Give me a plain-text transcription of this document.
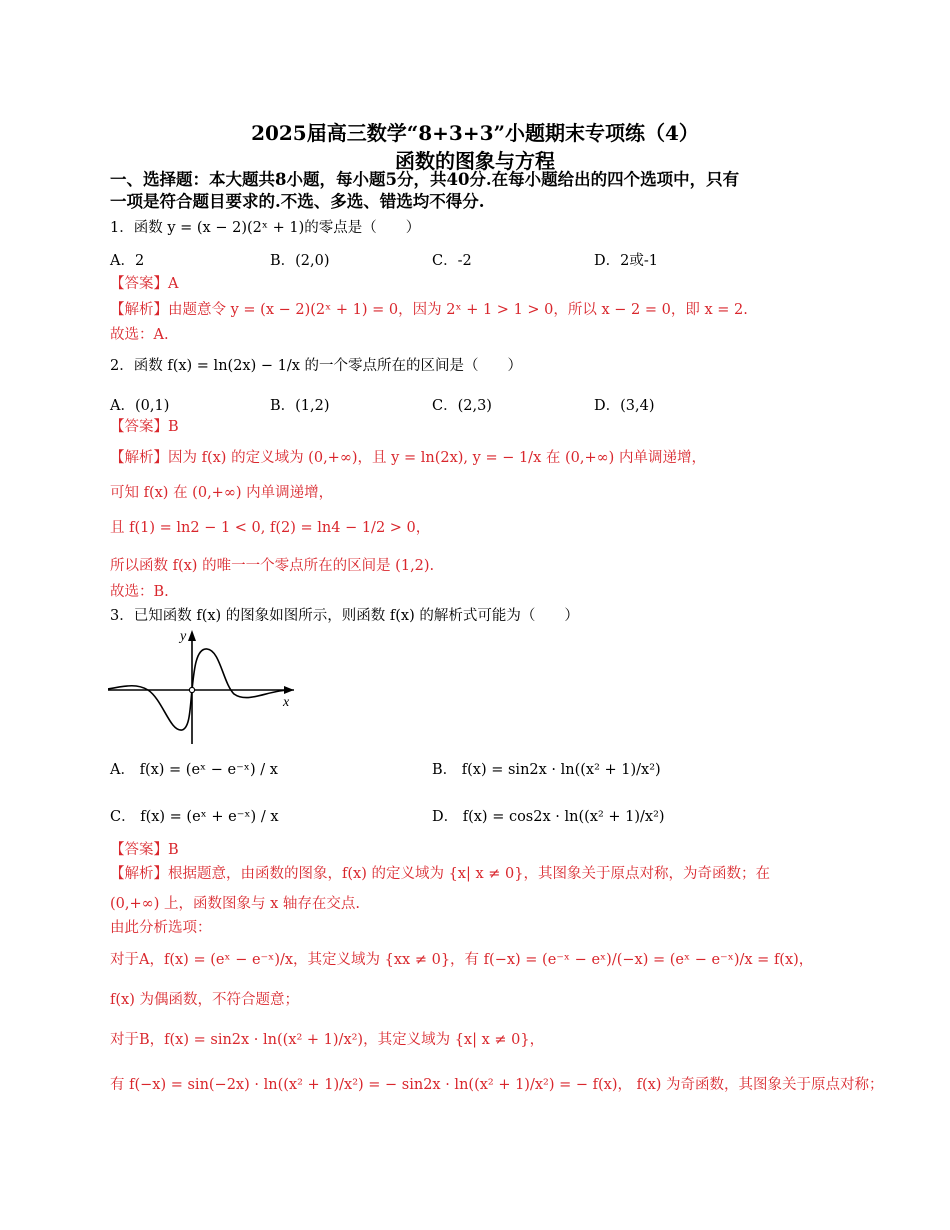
2025届高三数学“8+3+3”小题期末专项练（4）
函数的图象与方程
一、选择题：本大题共8小题，每小题5分，共40分.在每小题给出的四个选项中，只有
一项是符合题目要求的.不选、多选、错选均不得分.
1．函数 y = (x − 2)(2ˣ + 1)的零点是（　　）
A．2	B．(2,0)	C．-2	D．2或-1
【答案】A
【解析】由题意令 y = (x − 2)(2ˣ + 1) = 0，因为 2ˣ + 1 > 1 > 0，所以 x − 2 = 0，即 x = 2.
故选：A.
2．函数 f(x) = ln(2x) − 1/x 的一个零点所在的区间是（　　）
A．(0,1)	B．(1,2)	C．(2,3)	D．(3,4)
【答案】B
【解析】因为 f(x) 的定义域为 (0,+∞)，且 y = ln(2x), y = − 1/x 在 (0,+∞) 内单调递增，
可知 f(x) 在 (0,+∞) 内单调递增，
且 f(1) = ln2 − 1 < 0, f(2) = ln4 − 1/2 > 0，
所以函数 f(x) 的唯一一个零点所在的区间是 (1,2).
故选：B.
3．已知函数 f(x) 的图象如图所示，则函数 f(x) 的解析式可能为（　　）
x
y
A． f(x) = (eˣ − e⁻ˣ) / x	B． f(x) = sin2x · ln((x² + 1)/x²)
C． f(x) = (eˣ + e⁻ˣ) / x	D． f(x) = cos2x · ln((x² + 1)/x²)
【答案】B
【解析】根据题意，由函数的图象，f(x) 的定义域为 {x| x ≠ 0}，其图象关于原点对称，为奇函数；在
(0,+∞) 上，函数图象与 x 轴存在交点.
由此分析选项：
对于A，f(x) = (eˣ − e⁻ˣ)/x，其定义域为 {xx ≠ 0}，有 f(−x) = (e⁻ˣ − eˣ)/(−x) = (eˣ − e⁻ˣ)/x = f(x)，
f(x) 为偶函数，不符合题意；
对于B，f(x) = sin2x · ln((x² + 1)/x²)，其定义域为 {x| x ≠ 0}，
有 f(−x) = sin(−2x) · ln((x² + 1)/x²) = − sin2x · ln((x² + 1)/x²) = − f(x)， f(x) 为奇函数，其图象关于原点对称；
